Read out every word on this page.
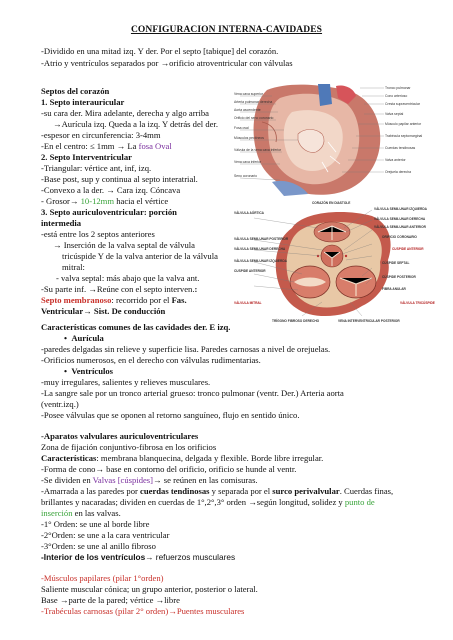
CONFIGURACION INTERNA-CAVIDADES
-Dividido en una mitad izq. Y der. Por el septo [tabique] del corazón.
-Atrio y ventrículos separados por →orificio atroventricular con válvulas
Septos del corazón
1. Septo interauricular
-su cara der. Mira adelante, derecha y algo arriba
→Aurícula izq. Queda a la izq. Y detrás del der.
-espesor en circunferencia: 3-4mm
-En el centro: ≤ 1mm → La fosa Oval
2. Septo Interventricular
-Triangular: vértice ant, inf, izq.
-Base post, sup y continua al septo interatrial.
-Convexo a la der. → Cara izq. Cóncava
- Grosor→ 10-12mm hacia el vértice
3. Septo auriculoventricular: porción
intermedia
-está entre los 2 septos anteriores
→ Inserción de la valva septal de válvula
tricúspide Y de la valva anterior de la válvula
mitral:
- valva septal: más abajo que la valva ant.
-Su parte inf. →Reúne con el septo interven.:
Septo membranoso: recorrido por el Fas.
Ventricular→ Sist. De conducción
Tronco pulmonar
Vena cava superior
Arteria pulmonar derecha
Aorta ascendente
Orificio del seno coronario
Fosa oval
Músculos pectíneos
Válvula de la vena cava inferior
Vena cava inferior
Cono arterioso
Cresta supraventricular
Valva septal
Músculo papilar anterior
Trabécula septomarginal
Cuerdas tendinosas
Valva anterior
Seno coronario
Orejuela derecha
CORAZÓN EN DIASTOLE
VÁLVULA AÓRTICA
VÁLVULA SEMILUNAR IZQUIERDA
VÁLVULA SEMILUNAR DERECHA
VÁLVULA SEMILUNAR ANTERIOR
VÁLVULA SEMILUNAR POSTERIOR	ORIFICIO CORONARIO
VÁLVULA SEMILUNAR DERECHA	CUSPIDE ANTERIOR
VÁLVULA SEMILUNAR IZQUIERDA
CUSPIDE ANTERIOR
CÚSPIDE SEPTAL
VÁLVULA MITRAL
CÚSPIDE POSTERIOR
TRÍGONO FIBROSO DERECHO	VENA INTERVENTRICULAR POSTERIOR
VÁLVULA TRICÚSPIDE
FIBRA ANULAR
Características comunes de las cavidades der. E izq.
• Aurícula
-paredes delgadas sin relieve y superficie lisa. Paredes carnosas a nivel de orejuelas.
-Orificios numerosos, en el derecho con válvulas rudimentarias.
• Ventrículos
-muy irregulares, salientes y relieves musculares.
-La sangre sale por un tronco arterial grueso: tronco pulmonar (ventr. Der.) Arteria aorta
(ventr.izq.)
-Posee válvulas que se oponen al retorno sanguíneo, flujo en sentido único.
-Aparatos valvulares auriculoventriculares
Zona de fijación conjuntivo-fibrosa en los orificios
Características: membrana blanquecina, delgada y flexible. Borde libre irregular.
-Forma de cono→ base en contorno del orificio, orificio se hunde al ventr.
-Se dividen en Valvas [cúspides]→ se reúnen en las comisuras.
-Amarrada a las paredes por cuerdas tendinosas y separada por el surco perivalvular. Cuerdas finas,
brillantes y nacaradas; dividen en cuerdas de 1°,2°,3° orden →según longitud, solidez y punto de
inserción en las valvas.
-1° Orden: se une al borde libre
-2°Orden: se une a la cara ventricular
-3°Orden: se une al anillo fibroso
-Interior de los ventrículos→ refuerzos musculares
-Músculos papilares (pilar 1°orden)
Saliente muscular cónica; un grupo anterior, posterior o lateral.
Base →parte de la pared; vértice →libre
-Trabéculas carnosas (pilar 2° orden)→Puentes musculares
